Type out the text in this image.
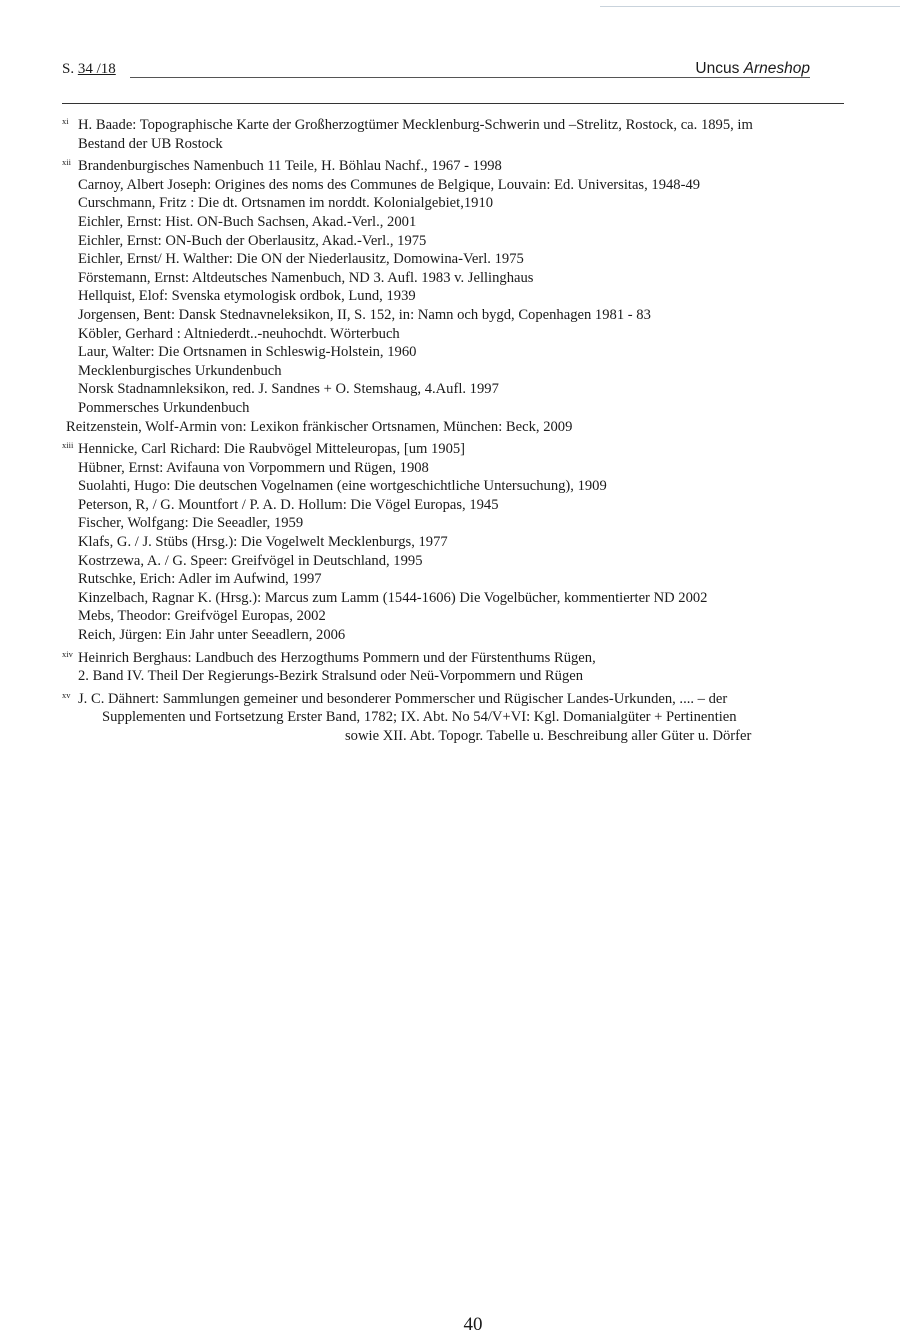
S. 34 /18	Uncus Arneshop
xi H. Baade: Topographische Karte der Großherzogtümer Mecklenburg-Schwerin und –Strelitz, Rostock, ca. 1895, im
Bestand der UB Rostock
xii Brandenburgisches Namenbuch 11 Teile, H. Böhlau Nachf., 1967 - 1998
Carnoy, Albert Joseph: Origines des noms des Communes de Belgique, Louvain: Ed. Universitas, 1948-49
Curschmann, Fritz : Die dt. Ortsnamen im norddt. Kolonialgebiet,1910
Eichler, Ernst: Hist. ON-Buch Sachsen, Akad.-Verl., 2001
Eichler, Ernst: ON-Buch der Oberlausitz, Akad.-Verl., 1975
Eichler, Ernst/ H. Walther: Die ON der Niederlausitz, Domowina-Verl. 1975
Förstemann, Ernst: Altdeutsches Namenbuch, ND 3. Aufl. 1983 v. Jellinghaus
Hellquist, Elof: Svenska etymologisk ordbok, Lund, 1939
Jorgensen, Bent: Dansk Stednavneleksikon, II, S. 152, in: Namn och bygd, Copenhagen 1981 - 83
Köbler, Gerhard : Altniederdt..-neuhochdt. Wörterbuch
Laur, Walter: Die Ortsnamen in Schleswig-Holstein, 1960
Mecklenburgisches Urkundenbuch
Norsk Stadnamnleksikon, red. J. Sandnes + O. Stemshaug, 4.Aufl. 1997
Pommersches Urkundenbuch
Reitzenstein, Wolf-Armin von: Lexikon fränkischer Ortsnamen, München: Beck, 2009
xiii Hennicke, Carl Richard: Die Raubvögel Mitteleuropas, [um 1905]
Hübner, Ernst: Avifauna von Vorpommern und Rügen, 1908
Suolahti, Hugo: Die deutschen Vogelnamen (eine wortgeschichtliche Untersuchung), 1909
Peterson, R, / G. Mountfort / P. A. D. Hollum: Die Vögel Europas, 1945
Fischer, Wolfgang: Die Seeadler, 1959
Klafs, G. / J. Stübs (Hrsg.): Die Vogelwelt Mecklenburgs, 1977
Kostrzewa, A. / G. Speer: Greifvögel in Deutschland, 1995
Rutschke, Erich: Adler im Aufwind, 1997
Kinzelbach, Ragnar K. (Hrsg.): Marcus zum Lamm (1544-1606) Die Vogelbücher, kommentierter ND 2002
Mebs, Theodor: Greifvögel Europas, 2002
Reich, Jürgen: Ein Jahr unter Seeadlern, 2006
xiv Heinrich Berghaus: Landbuch des Herzogthums Pommern und der Fürstenthums Rügen,
2. Band IV. Theil Der Regierungs-Bezirk Stralsund oder Neü-Vorpommern und Rügen
xv J. C. Dähnert: Sammlungen gemeiner und besonderer Pommerscher und Rügischer Landes-Urkunden, .... – der
Supplementen und Fortsetzung Erster Band, 1782; IX. Abt. No 54/V+VI: Kgl. Domanialgüter + Pertinentien
sowie XII. Abt. Topogr. Tabelle u. Beschreibung aller Güter u. Dörfer
40
